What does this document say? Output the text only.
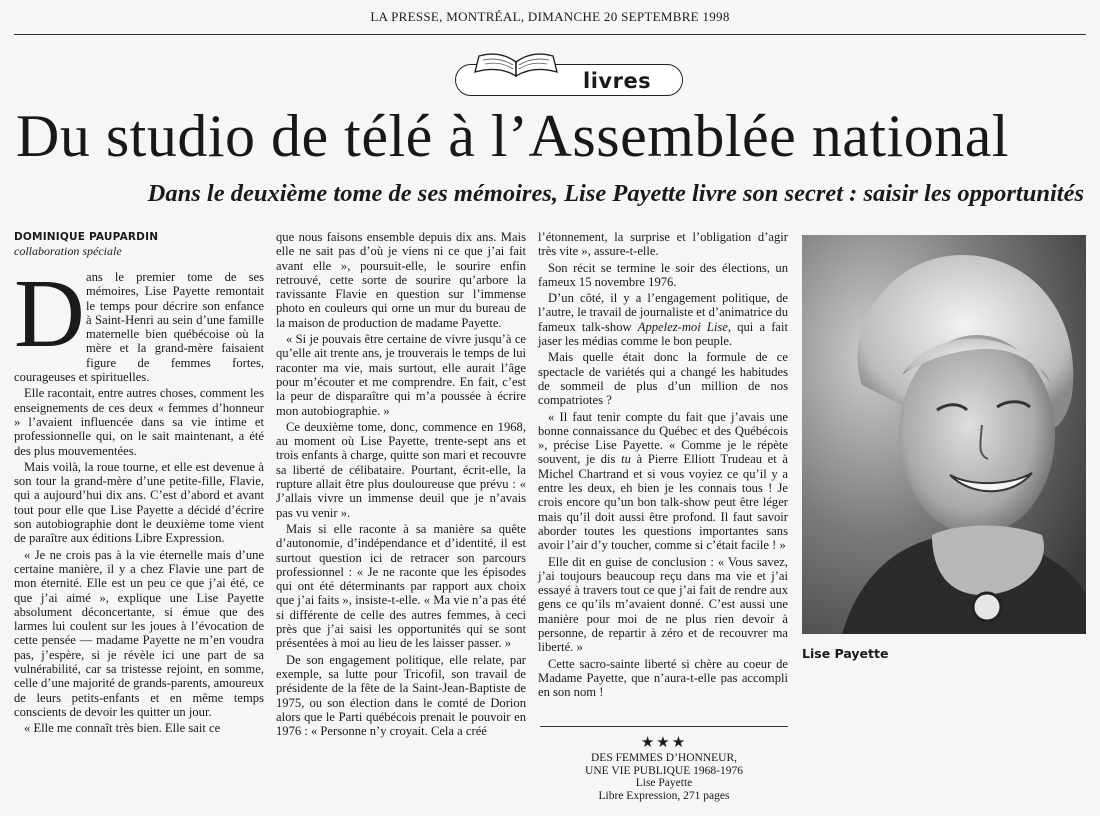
LA PRESSE, MONTRÉAL, DIMANCHE 20 SEPTEMBRE 1998
livres
Du studio de télé à l’Assemblée national
Dans le deuxième tome de ses mémoires, Lise Payette livre son secret : saisir les opportunités
DOMINIQUE PAUPARDIN
collaboration spéciale

Dans le premier tome de ses mémoires, Lise Payette remontait le temps pour décrire son enfance à Saint-Henri au sein d’une famille maternelle bien québécoise où la mère et la grand-mère faisaient figure de femmes fortes, courageuses et spirituelles.

Elle racontait, entre autres choses, comment les enseignements de ces deux « femmes d’honneur » l’avaient influencée dans sa vie intime et professionnelle qui, on le sait maintenant, a été des plus mouvementées.

Mais voilà, la roue tourne, et elle est devenue à son tour la grand-mère d’une petite-fille, Flavie, qui a aujourd’hui dix ans. C’est d’abord et avant tout pour elle que Lise Payette a décidé d’écrire son autobiographie dont le deuxième tome vient de paraître aux éditions Libre Expression.

« Je ne crois pas à la vie éternelle mais d’une certaine manière, il y a chez Flavie une part de mon éternité. Elle est un peu ce que j’ai été, ce que j’ai aimé », explique une Lise Payette absolument déconcertante, si émue que des larmes lui coulent sur les joues à l’évocation de cette pensée — madame Payette ne m’en voudra pas, j’espère, si je révèle ici une part de sa vulnérabilité, car sa tristesse rejoint, en somme, celle d’une majorité de grands-parents, amoureux de leurs petits-enfants et en même temps conscients de devoir les quitter un jour.

« Elle me connaît très bien. Elle sait ce

que nous faisons ensemble depuis dix ans. Mais elle ne sait pas d’où je viens ni ce que j’ai fait avant elle », poursuit-elle, le sourire enfin retrouvé, cette sorte de sourire qu’arbore la ravissante Flavie en question sur l’immense photo en couleurs qui orne un mur du bureau de la maison de production de madame Payette.

« Si je pouvais être certaine de vivre jusqu’à ce qu’elle ait trente ans, je trouverais le temps de lui raconter ma vie, mais surtout, elle aurait l’âge pour m’écouter et me comprendre. En fait, c’est la peur de disparaître qui m’a poussée à écrire mon autobiographie. »

Ce deuxième tome, donc, commence en 1968, au moment où Lise Payette, trente-sept ans et trois enfants à charge, quitte son mari et recouvre sa liberté de célibataire. Pourtant, écrit-elle, la rupture allait être plus douloureuse que prévu : « J’allais vivre un immense deuil que je n’avais pas vu venir ».

Mais si elle raconte à sa manière sa quête d’autonomie, d’indépendance et d’identité, il est surtout question ici de retracer son parcours professionnel : « Je ne raconte que les épisodes qui ont été déterminants par rapport aux choix que j’ai faits », insiste-t-elle. « Ma vie n’a pas été si différente de celle des autres femmes, à ceci près que j’ai saisi les opportunités qui se sont présentées à moi au lieu de les laisser passer. »

De son engagement politique, elle relate, par exemple, sa lutte pour Tricofil, son travail de présidente de la fête de la Saint-Jean-Baptiste de 1975, ou son élection dans le comté de Dorion alors que le Parti québécois prenait le pouvoir en 1976 : « Personne n’y croyait. Cela a créé

l’étonnement, la surprise et l’obligation d’agir très vite », assure-t-elle.

Son récit se termine le soir des élections, un fameux 15 novembre 1976.

D’un côté, il y a l’engagement politique, de l’autre, le travail de journaliste et d’animatrice du fameux talk-show Appelez-moi Lise, qui a fait jaser les médias comme le bon peuple.

Mais quelle était donc la formule de ce spectacle de variétés qui a changé les habitudes de sommeil de plus d’un million de nos compatriotes ?

« Il faut tenir compte du fait que j’avais une bonne connaissance du Québec et des Québécois », précise Lise Payette. « Comme je le répète souvent, je dis tu à Pierre Elliott Trudeau et à Michel Chartrand et si vous voyiez ce qu’il y a entre les deux, eh bien je les connais tous ! Je crois encore qu’un bon talk-show peut être léger mais qu’il doit aussi être profond. Il faut savoir aborder toutes les questions importantes sans avoir l’air d’y toucher, comme si c’était facile ! »

Elle dit en guise de conclusion : « Vous savez, j’ai toujours beaucoup reçu dans ma vie et j’ai essayé à travers tout ce que j’ai fait de rendre aux gens ce qu’ils m’avaient donné. C’est aussi une manière pour moi de ne plus rien devoir à personne, de repartir à zéro et de recouvrer ma liberté. »

Cette sacro-sainte liberté si chère au coeur de Madame Payette, que n’aura-t-elle pas accompli en son nom !

★★★
DES FEMMES D’HONNEUR,
UNE VIE PUBLIQUE 1968-1976
Lise Payette
Libre Expression, 271 pages
Lise Payette
